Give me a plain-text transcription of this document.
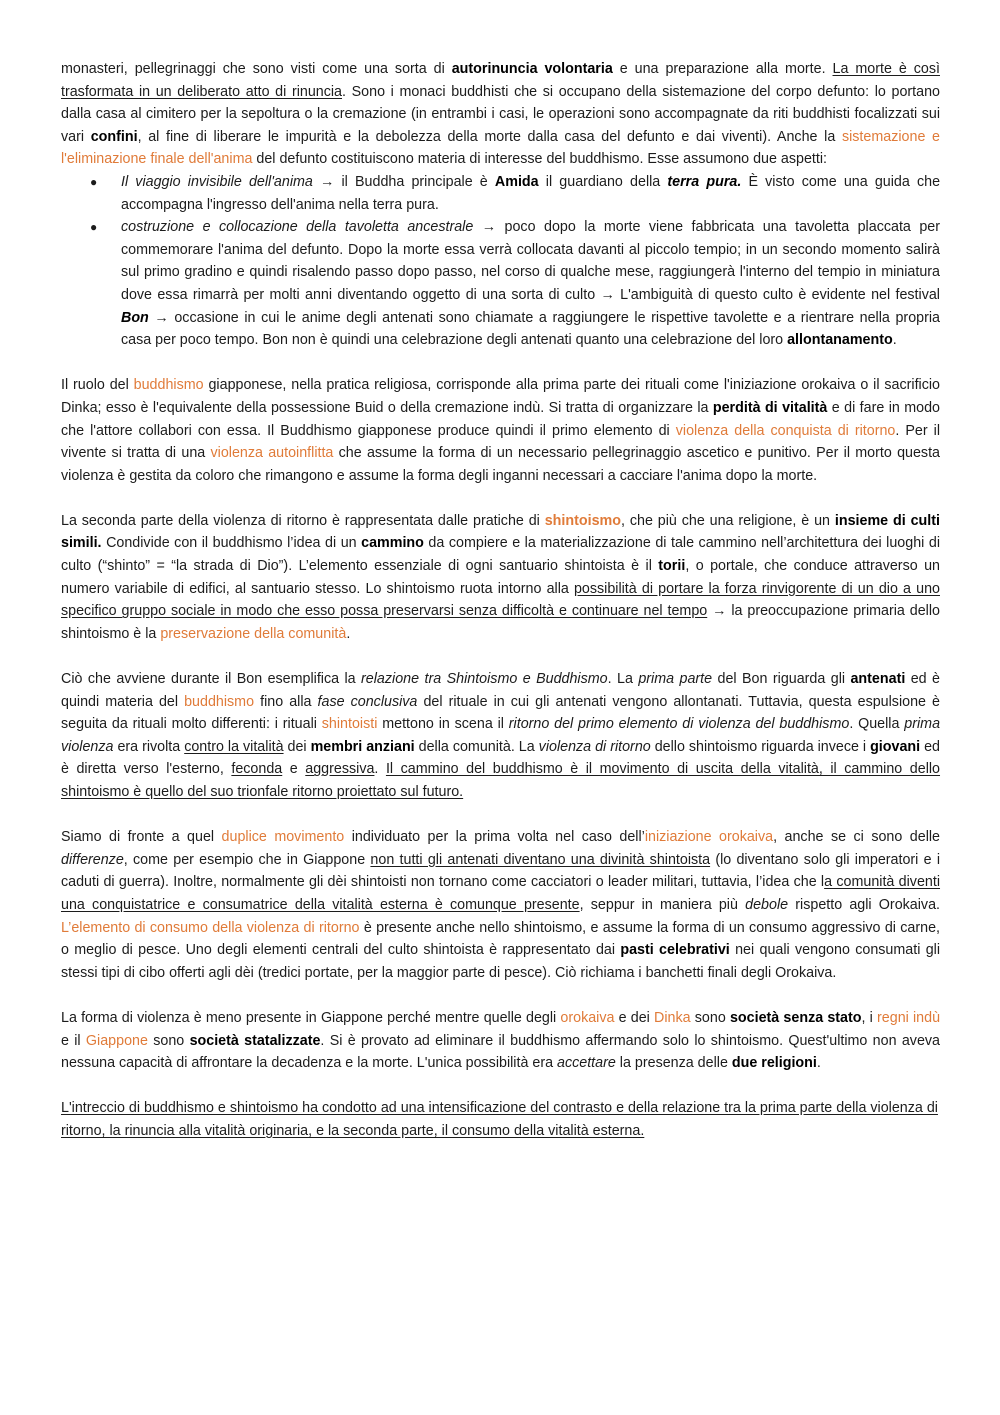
monasteri, pellegrinaggi che sono visti come una sorta di autorinuncia volontaria e una preparazione alla morte. La morte è così trasformata in un deliberato atto di rinuncia. Sono i monaci buddhisti che si occupano della sistemazione del corpo defunto: lo portano dalla casa al cimitero per la sepoltura o la cremazione (in entrambi i casi, le operazioni sono accompagnate da riti buddhisti focalizzati sui vari confini, al fine di liberare le impurità e la debolezza della morte dalla casa del defunto e dai viventi). Anche la sistemazione e l'eliminazione finale dell'anima del defunto costituiscono materia di interesse del buddhismo. Esse assumono due aspetti:

● Il viaggio invisibile dell'anima → il Buddha principale è Amida il guardiano della terra pura. È visto come una guida che accompagna l'ingresso dell'anima nella terra pura.
● costruzione e collocazione della tavoletta ancestrale → poco dopo la morte viene fabbricata una tavoletta placcata per commemorare l'anima del defunto. Dopo la morte essa verrà collocata davanti al piccolo tempio; in un secondo momento salirà sul primo gradino e quindi risalendo passo dopo passo, nel corso di qualche mese, raggiungerà l'interno del tempio in miniatura dove essa rimarrà per molti anni diventando oggetto di una sorta di culto → L'ambiguità di questo culto è evidente nel festival Bon → occasione in cui le anime degli antenati sono chiamate a raggiungere le rispettive tavolette e a rientrare nella propria casa per poco tempo. Bon non è quindi una celebrazione degli antenati quanto una celebrazione del loro allontanamento.

Il ruolo del buddhismo giapponese, nella pratica religiosa, corrisponde alla prima parte dei rituali come l'iniziazione orokaiva o il sacrificio Dinka; esso è l'equivalente della possessione Buid o della cremazione indù. Si tratta di organizzare la perdità di vitalità e di fare in modo che l'attore collabori con essa. Il Buddhismo giapponese produce quindi il primo elemento di violenza della conquista di ritorno. Per il vivente si tratta di una violenza autoinflitta che assume la forma di un necessario pellegrinaggio ascetico e punitivo. Per il morto questa violenza è gestita da coloro che rimangono e assume la forma degli inganni necessari a cacciare l'anima dopo la morte.

La seconda parte della violenza di ritorno è rappresentata dalle pratiche di shintoismo, che più che una religione, è un insieme di culti simili. Condivide con il buddhismo l’idea di un cammino da compiere e la materializzazione di tale cammino nell’architettura dei luoghi di culto (“shinto” = “la strada di Dio”). L’elemento essenziale di ogni santuario shintoista è il torii, o portale, che conduce attraverso un numero variabile di edifici, al santuario stesso. Lo shintoismo ruota intorno alla possibilità di portare la forza rinvigorente di un dio a uno specifico gruppo sociale in modo che esso possa preservarsi senza difficoltà e continuare nel tempo → la preoccupazione primaria dello shintoismo è la preservazione della comunità.

Ciò che avviene durante il Bon esemplifica la relazione tra Shintoismo e Buddhismo. La prima parte del Bon riguarda gli antenati ed è quindi materia del buddhismo fino alla fase conclusiva del rituale in cui gli antenati vengono allontanati. Tuttavia, questa espulsione è seguita da rituali molto differenti: i rituali shintoisti mettono in scena il ritorno del primo elemento di violenza del buddhismo. Quella prima violenza era rivolta contro la vitalità dei membri anziani della comunità. La violenza di ritorno dello shintoismo riguarda invece i giovani ed è diretta verso l'esterno, feconda e aggressiva. Il cammino del buddhismo è il movimento di uscita della vitalità, il cammino dello shintoismo è quello del suo trionfale ritorno proiettato sul futuro.

Siamo di fronte a quel duplice movimento individuato per la prima volta nel caso dell’iniziazione orokaiva, anche se ci sono delle differenze, come per esempio che in Giappone non tutti gli antenati diventano una divinità shintoista (lo diventano solo gli imperatori e i caduti di guerra). Inoltre, normalmente gli dèi shintoisti non tornano come cacciatori o leader militari, tuttavia, l’idea che la comunità diventi una conquistatrice e consumatrice della vitalità esterna è comunque presente, seppur in maniera più debole rispetto agli Orokaiva. L’elemento di consumo della violenza di ritorno è presente anche nello shintoismo, e assume la forma di un consumo aggressivo di carne, o meglio di pesce. Uno degli elementi centrali del culto shintoista è rappresentato dai pasti celebrativi nei quali vengono consumati gli stessi tipi di cibo offerti agli dèi (tredici portate, per la maggior parte di pesce). Ciò richiama i banchetti finali degli Orokaiva.

La forma di violenza è meno presente in Giappone perché mentre quelle degli orokaiva e dei Dinka sono società senza stato, i regni indù e il Giappone sono società statalizzate. Si è provato ad eliminare il buddhismo affermando solo lo shintoismo. Quest'ultimo non aveva nessuna capacità di affrontare la decadenza e la morte. L'unica possibilità era accettare la presenza delle due religioni.

L'intreccio di buddhismo e shintoismo ha condotto ad una intensificazione del contrasto e della relazione tra la prima parte della violenza di ritorno, la rinuncia alla vitalità originaria, e la seconda parte, il consumo della vitalità esterna.
